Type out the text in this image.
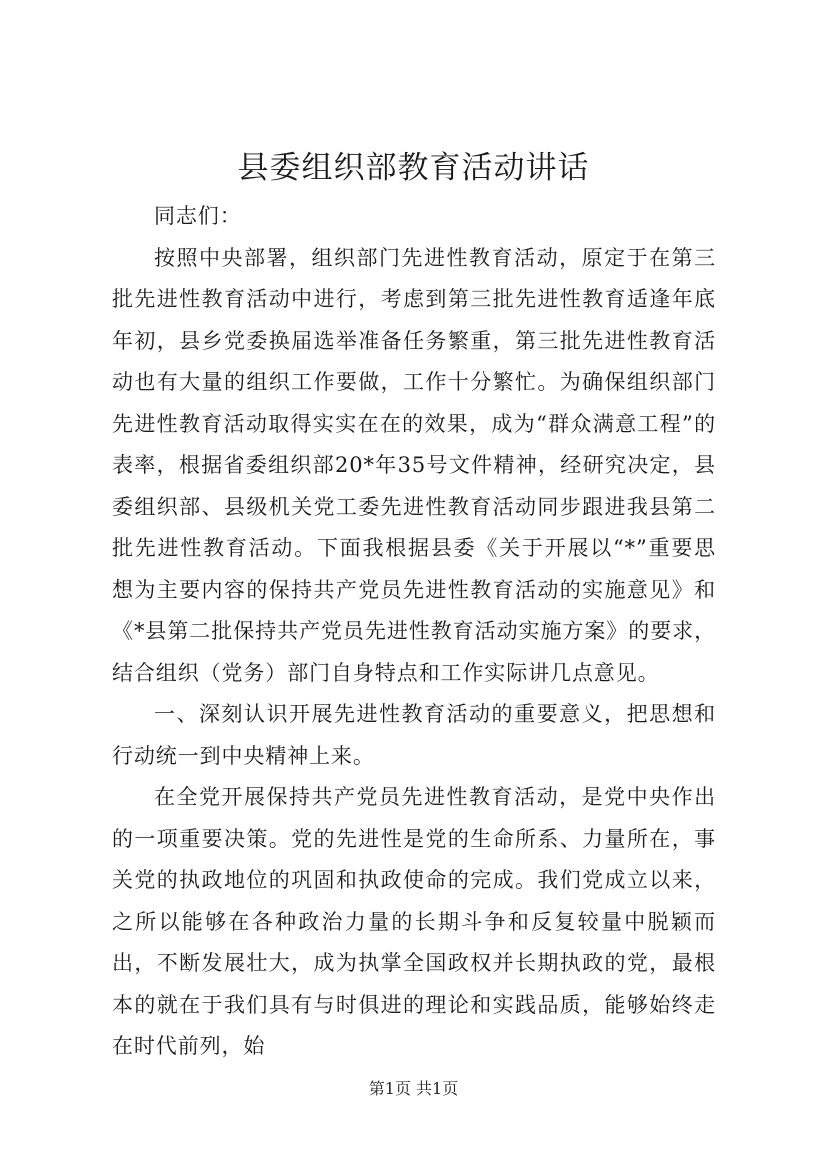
县委组织部教育活动讲话

同志们：

按照中央部署，组织部门先进性教育活动，原定于在第三批先进性教育活动中进行，考虑到第三批先进性教育适逢年底年初，县乡党委换届选举准备任务繁重，第三批先进性教育活动也有大量的组织工作要做，工作十分繁忙。为确保组织部门先进性教育活动取得实实在在的效果，成为“群众满意工程”的表率，根据省委组织部20*年35号文件精神，经研究决定，县委组织部、县级机关党工委先进性教育活动同步跟进我县第二批先进性教育活动。下面我根据县委《关于开展以“*”重要思想为主要内容的保持共产党员先进性教育活动的实施意见》和《*县第二批保持共产党员先进性教育活动实施方案》的要求，结合组织（党务）部门自身特点和工作实际讲几点意见。

一、深刻认识开展先进性教育活动的重要意义，把思想和行动统一到中央精神上来。

在全党开展保持共产党员先进性教育活动，是党中央作出的一项重要决策。党的先进性是党的生命所系、力量所在，事关党的执政地位的巩固和执政使命的完成。我们党成立以来，之所以能够在各种政治力量的长期斗争和反复较量中脱颖而出，不断发展壮大，成为执掌全国政权并长期执政的党，最根本的就在于我们具有与时俱进的理论和实践品质，能够始终走在时代前列，始

第1页 共1页
